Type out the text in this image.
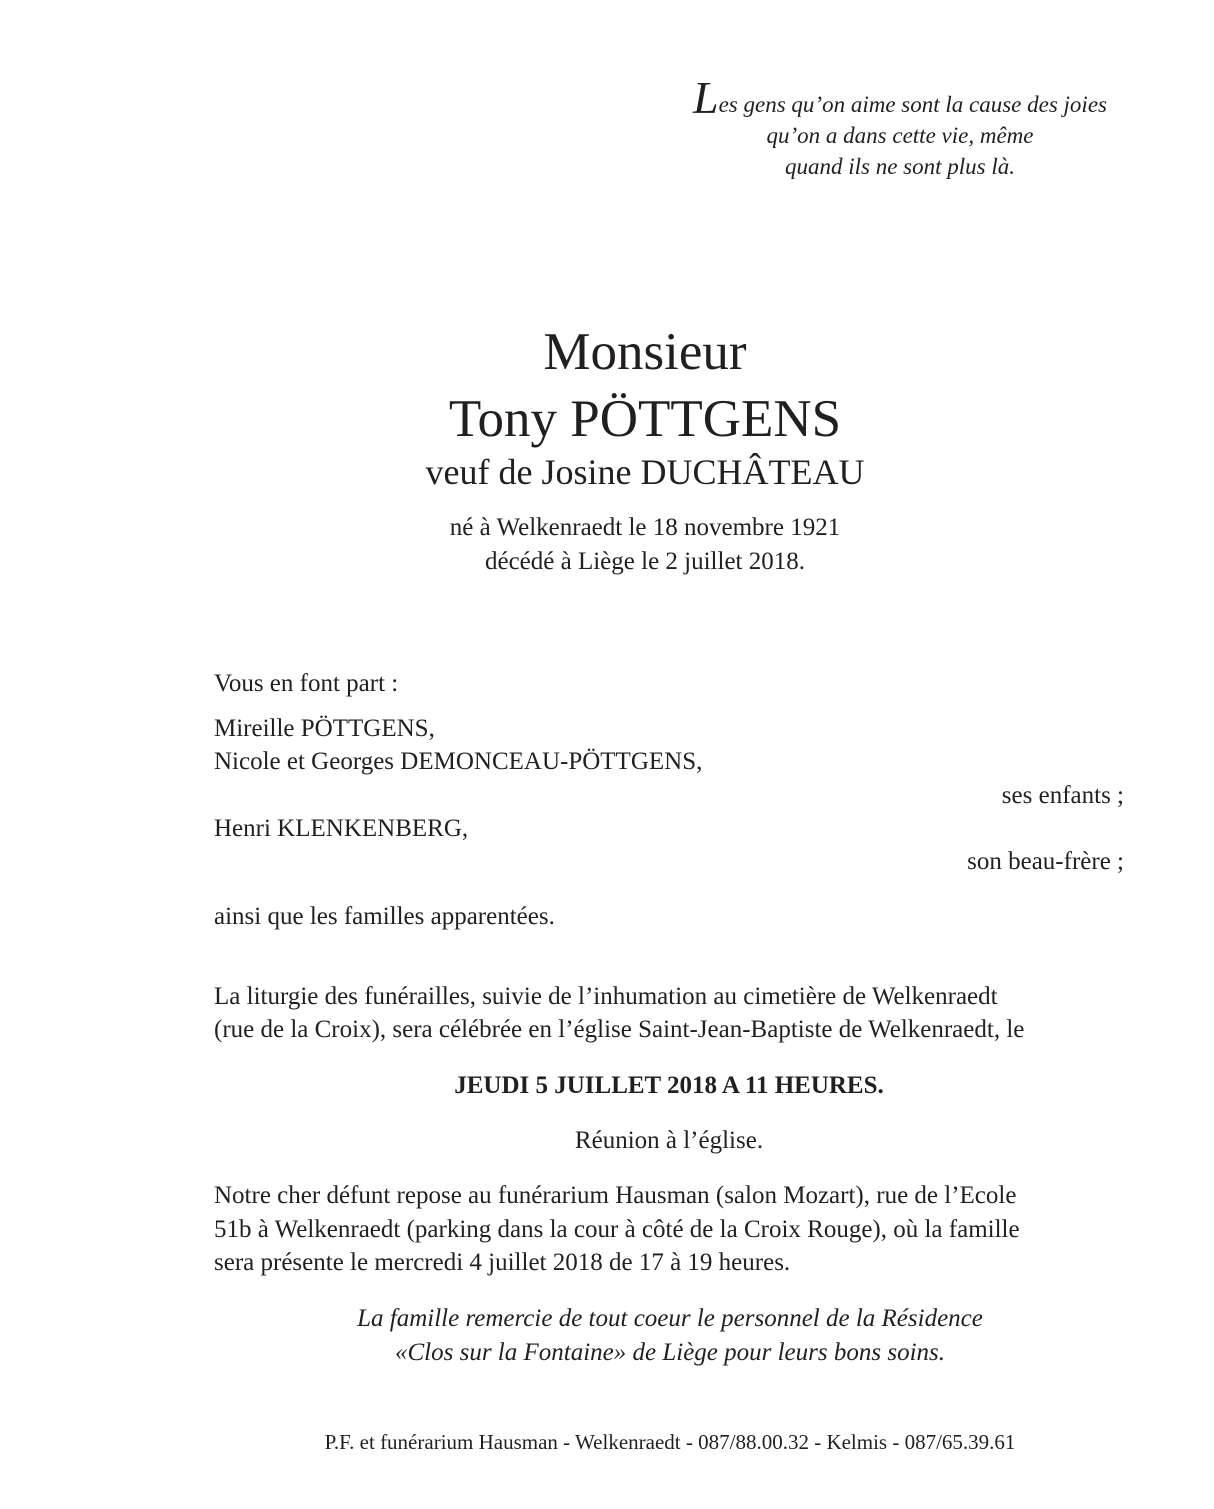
Les gens qu’on aime sont la cause des joies
qu’on a dans cette vie, même
quand ils ne sont plus là.
Monsieur
Tony PÖTTGENS
veuf de Josine DUCHÂTEAU
né à Welkenraedt le 18 novembre 1921
décédé à Liège le 2 juillet 2018.
Vous en font part :
Mireille PÖTTGENS,
Nicole et Georges DEMONCEAU-PÖTTGENS,
ses enfants ;
Henri KLENKENBERG,
son beau-frère ;
ainsi que les familles apparentées.
La liturgie des funérailles, suivie de l’inhumation au cimetière de Welkenraedt
(rue de la Croix), sera célébrée en l’église Saint-Jean-Baptiste de Welkenraedt, le
JEUDI 5 JUILLET 2018 A 11 HEURES.
Réunion à l’église.
Notre cher défunt repose au funérarium Hausman (salon Mozart), rue de l’Ecole
51b à Welkenraedt (parking dans la cour à côté de la Croix Rouge), où la famille
sera présente le mercredi 4 juillet 2018 de 17 à 19 heures.
La famille remercie de tout coeur le personnel de la Résidence
«Clos sur la Fontaine» de Liège pour leurs bons soins.
P.F. et funérarium Hausman - Welkenraedt - 087/88.00.32 - Kelmis - 087/65.39.61
